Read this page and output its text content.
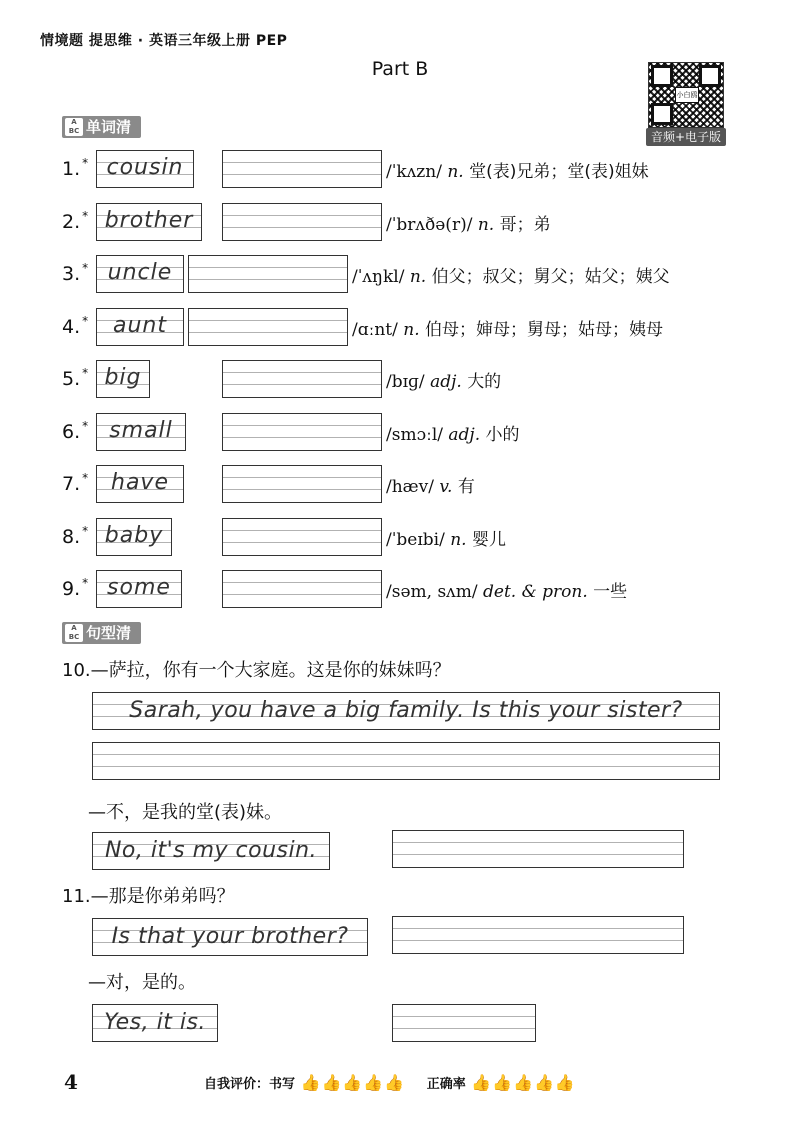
情境题 提思维 · 英语三年级上册 PEP
Part B
小白鸥
音频+电子版
A
BC 单词清
1. * cousin	/ˈkʌzn/ n. 堂(表)兄弟；堂(表)姐妹
2. * brother	/ˈbrʌðə(r)/ n. 哥；弟
3. * uncle	/ˈʌŋkl/ n. 伯父；叔父；舅父；姑父；姨父
4. *	aunt	/ɑːnt/ n. 伯母；婶母；舅母；姑母；姨母
5. * big	/bɪɡ/ adj. 大的
6. * small	/smɔːl/ adj. 小的
7. *	have	/hæv/ v. 有
8. * baby	/ˈbeɪbi/ n. 婴儿
9. * some	/səm, sʌm/ det. & pron. 一些
A
BC 句型清
10.—萨拉，你有一个大家庭。这是你的妹妹吗？
Sarah, you have a big family. Is this your sister?
—不，是我的堂(表)妹。
No, it's my cousin.
11.—那是你弟弟吗？
Is that your brother?
—对，是的。
Yes, it is.
4	自我评价：书写 👍👍👍👍👍 正确率 👍👍👍👍👍
